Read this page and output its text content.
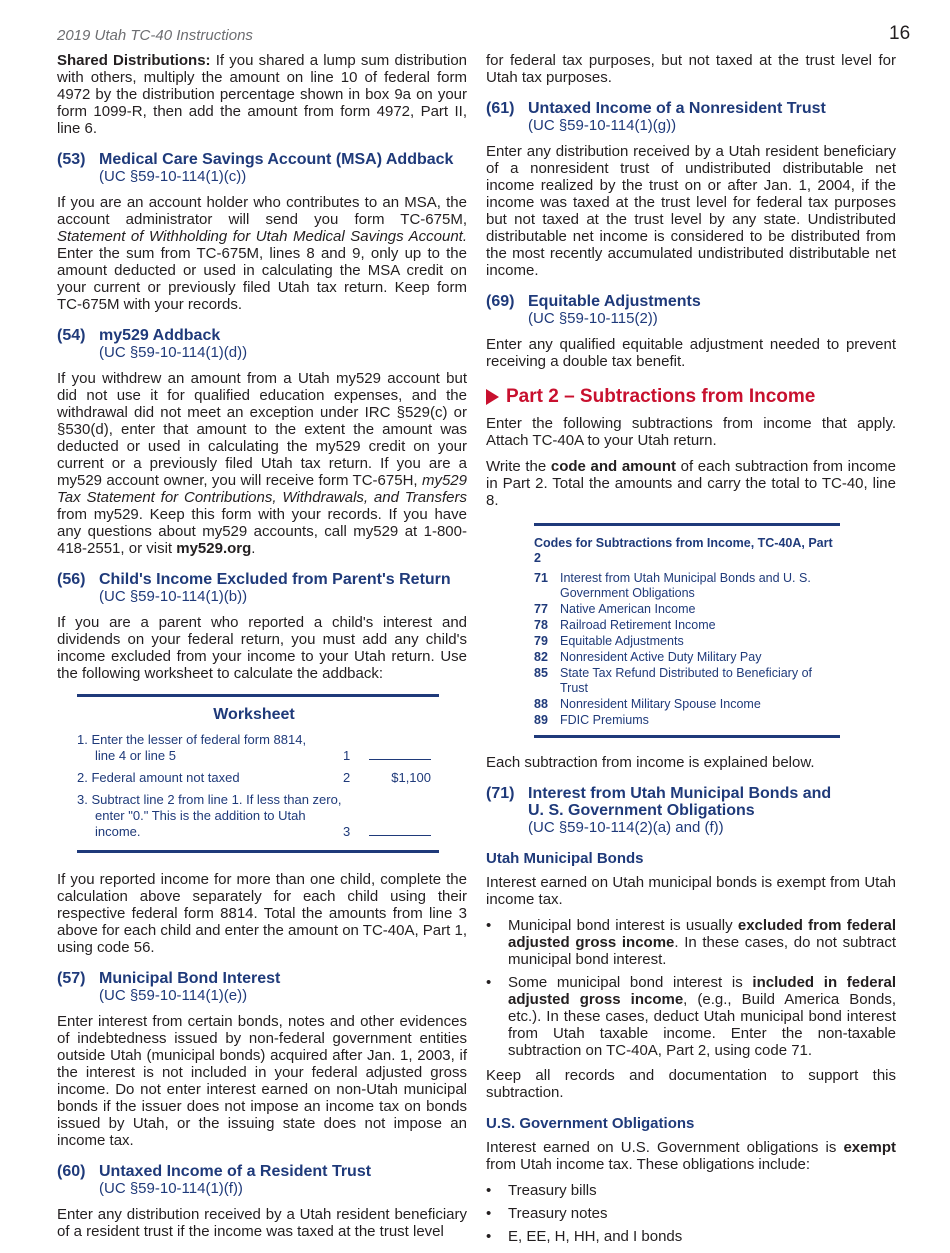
2019 Utah TC-40 Instructions	16

Shared Distributions: If you shared a lump sum distribution with others, multiply the amount on line 10 of federal form 4972 by the distribution percentage shown in box 9a on your form 1099-R, then add the amount from form 4972, Part II, line 6.

(53) Medical Care Savings Account (MSA) Addback
(UC §59-10-114(1)(c))

If you are an account holder who contributes to an MSA, the account administrator will send you form TC-675M, Statement of Withholding for Utah Medical Savings Account. Enter the sum from TC-675M, lines 8 and 9, only up to the amount deducted or used in calculating the MSA credit on your current or previously filed Utah tax return. Keep form TC-675M with your records.

(54) my529 Addback
(UC §59-10-114(1)(d))

If you withdrew an amount from a Utah my529 account but did not use it for qualified education expenses, and the withdrawal did not meet an exception under IRC §529(c) or §530(d), enter that amount to the extent the amount was deducted or used in calculating the my529 credit on your current or a previously filed Utah tax return. If you are a my529 account owner, you will receive form TC-675H, my529 Tax Statement for Contributions, Withdrawals, and Transfers from my529. Keep this form with your records. If you have any questions about my529 accounts, call my529 at 1-800-418-2551, or visit my529.org.

(56) Child's Income Excluded from Parent's Return
(UC §59-10-114(1)(b))

If you are a parent who reported a child's interest and dividends on your federal return, you must add any child's income excluded from your income to your Utah return. Use the following worksheet to calculate the addback:

Worksheet
1. Enter the lesser of federal form 8814,
line 4 or line 5	1
2. Federal amount not taxed	2	$1,100
3. Subtract line 2 from line 1. If less than zero,
enter "0." This is the addition to Utah income.	3

If you reported income for more than one child, complete the calculation above separately for each child using their respective federal form 8814. Total the amounts from line 3 above for each child and enter the amount on TC-40A, Part 1, using code 56.

(57) Municipal Bond Interest
(UC §59-10-114(1)(e))

Enter interest from certain bonds, notes and other evidences of indebtedness issued by non-federal government entities outside Utah (municipal bonds) acquired after Jan. 1, 2003, if the interest is not included in your federal adjusted gross income. Do not enter interest earned on non-Utah municipal bonds if the issuer does not impose an income tax on bonds issued by Utah, or the issuing state does not impose an income tax.

(60) Untaxed Income of a Resident Trust
(UC §59-10-114(1)(f))

Enter any distribution received by a Utah resident beneficiary of a resident trust if the income was taxed at the trust level

for federal tax purposes, but not taxed at the trust level for Utah tax purposes.

(61) Untaxed Income of a Nonresident Trust
(UC §59-10-114(1)(g))

Enter any distribution received by a Utah resident beneficiary of a nonresident trust of undistributed distributable net income realized by the trust on or after Jan. 1, 2004, if the income was taxed at the trust level for federal tax purposes but not taxed at the trust level by any state. Undistributed distributable net income is considered to be distributed from the most recently accumulated undistributed distributable net income.

(69) Equitable Adjustments
(UC §59-10-115(2))

Enter any qualified equitable adjustment needed to prevent receiving a double tax benefit.

Part 2 – Subtractions from Income

Enter the following subtractions from income that apply. Attach TC-40A to your Utah return.

Write the code and amount of each subtraction from income in Part 2. Total the amounts and carry the total to TC-40, line 8.

Codes for Subtractions from Income, TC-40A, Part 2
71 Interest from Utah Municipal Bonds and U. S. Government Obligations
77 Native American Income
78 Railroad Retirement Income
79 Equitable Adjustments
82 Nonresident Active Duty Military Pay
85 State Tax Refund Distributed to Beneficiary of Trust
88 Nonresident Military Spouse Income
89 FDIC Premiums

Each subtraction from income is explained below.

(71) Interest from Utah Municipal Bonds and
U. S. Government Obligations
(UC §59-10-114(2)(a) and (f))
Utah Municipal Bonds

Interest earned on Utah municipal bonds is exempt from Utah income tax.

•	Municipal bond interest is usually excluded from federal adjusted gross income. In these cases, do not subtract municipal bond interest.
•	Some municipal bond interest is included in federal adjusted gross income, (e.g., Build America Bonds, etc.). In these cases, deduct Utah municipal bond interest from Utah taxable income. Enter the non-taxable subtraction on TC-40A, Part 2, using code 71.

Keep all records and documentation to support this subtraction.

U.S. Government Obligations

Interest earned on U.S. Government obligations is exempt from Utah income tax. These obligations include:

•	Treasury bills
•	Treasury notes
•	E, EE, H, HH, and I bonds
